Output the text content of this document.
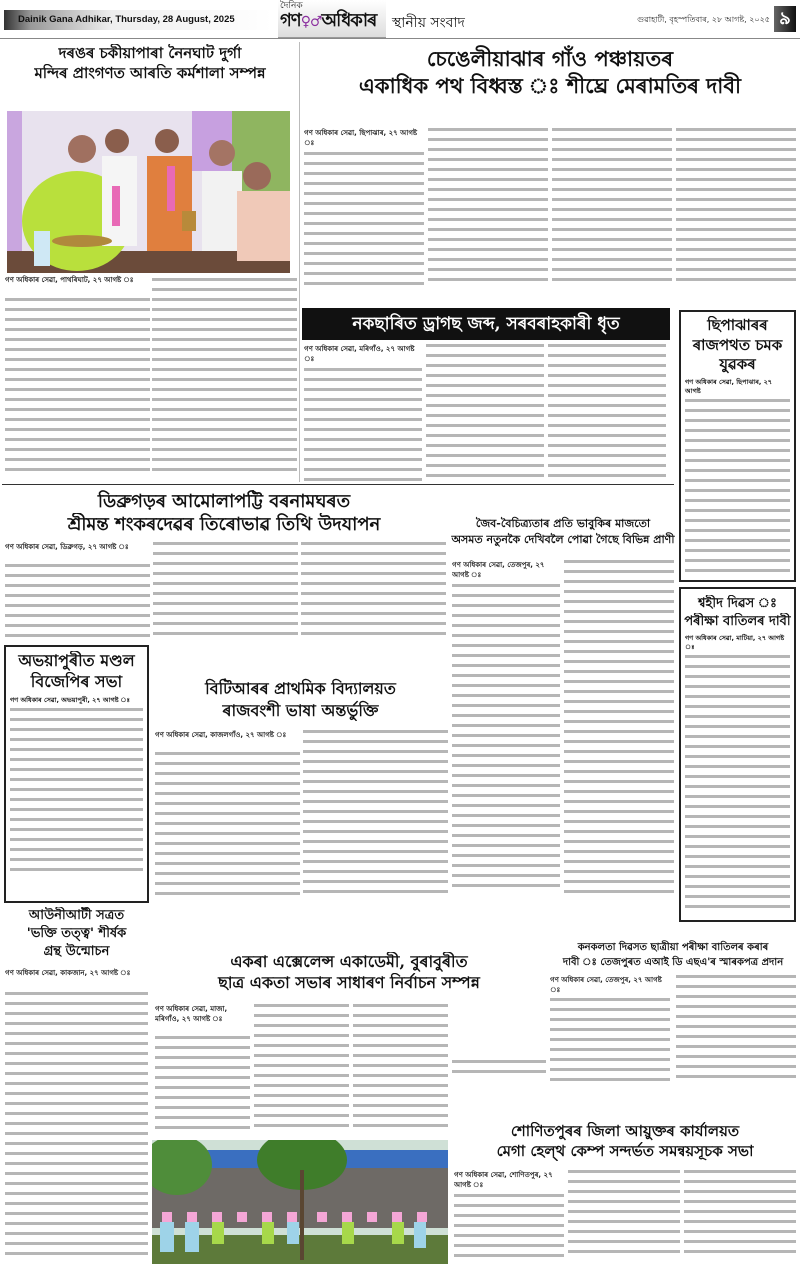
Dainik Gana Adhikar, Thursday, 28 August, 2025
দৈনিক
গণ♀♂অধিকাৰ স্থানীয় সংবাদ	গুৱাহাটী, বৃহস্পতিবাৰ, ২৮ আগষ্ট, ২০২৫ ৯
দৰঙৰ চকীয়াপাৰা নৈনঘাট দুৰ্গা
মন্দিৰ প্ৰাংগণত আৰতি কৰ্মশালা সম্পন্ন
গণ অধিকাৰ সেৱা, পাথৰিঘাট, ২৭ আগষ্ট ঃ
চেঙেলীয়াঝাৰ গাঁও পঞ্চায়তৰ
একাধিক পথ বিধ্বস্ত ঃ শীঘ্ৰে মেৰামতিৰ দাবী
গণ অধিকাৰ সেৱা, ছিপাঝাৰ, ২৭ আগষ্ট ঃ
নকছাৰিত ড্ৰাগছ জব্দ, সৰবৰাহকাৰী ধৃত
গণ অধিকাৰ সেৱা, মৰিগাঁও, ২৭ আগষ্ট ঃ
ছিপাঝাৰৰ
ৰাজপথত চমক
যুৱকৰ
গণ অধিকাৰ সেৱা, ছিপাঝাৰ, ২৭ আগষ্ট
ডিব্ৰুগড়ৰ আমোলাপট্টি বৰনামঘৰত
শ্ৰীমন্ত শংকৰদেৱৰ তিৰোভাৱ তিথি উদযাপন
গণ অধিকাৰ সেৱা, ডিব্ৰুগড়, ২৭ আগষ্ট ঃ
জৈব-বৈচিত্ৰ্যতাৰ প্ৰতি ভাবুকিৰ মাজতো
অসমত নতুনকৈ দেখিবলৈ পোৱা গৈছে বিভিন্ন প্ৰাণী
গণ অধিকাৰ সেৱা, তেজপুৰ, ২৭ আগষ্ট ঃ
অভয়াপুৰীত মণ্ডল
বিজেপিৰ সভা
গণ অধিকাৰ সেৱা, অভয়াপুৰী, ২৭ আগষ্ট ঃ
বিটিআৰৰ প্ৰাথমিক বিদ্যালয়ত
ৰাজবংশী ভাষা অন্তৰ্ভুক্তি
গণ অধিকাৰ সেৱা, কাজলগাঁও, ২৭ আগষ্ট ঃ
শ্বহীদ দিৱস ঃ
পৰীক্ষা বাতিলৰ দাবী
গণ অধিকাৰ সেৱা, মাটিয়া, ২৭ আগষ্ট ঃ
আউনীআটী সত্ৰত
'ভক্তি তত্ত্ব' শীৰ্ষক
গ্ৰন্থ উন্মোচন
গণ অধিকাৰ সেৱা, কাকজান, ২৭ আগষ্ট ঃ
একৰা এক্সেলেন্স একাডেমী, বুৰাবুৰীত
ছাত্ৰ একতা সভাৰ সাধাৰণ নিৰ্বাচন সম্পন্ন
গণ অধিকাৰ সেৱা, মাজা, মৰিগাঁও, ২৭ আগষ্ট ঃ
কনকলতা দিৱসত ছাত্ৰীয়া পৰীক্ষা বাতিলৰ কৰাৰ
দাবী ঃ তেজপুৰত এআই ডি এছএ'ৰ স্মাৰকপত্ৰ প্ৰদান
গণ অধিকাৰ সেৱা, তেজপুৰ, ২৭ আগষ্ট ঃ
শোণিতপুৰৰ জিলা আয়ুক্তৰ কাৰ্যালয়ত
মেগা হেল্‌থ কেম্প সন্দৰ্ভত সমন্বয়সূচক সভা
গণ অধিকাৰ সেৱা, শোণিতপুৰ, ২৭ আগষ্ট ঃ
